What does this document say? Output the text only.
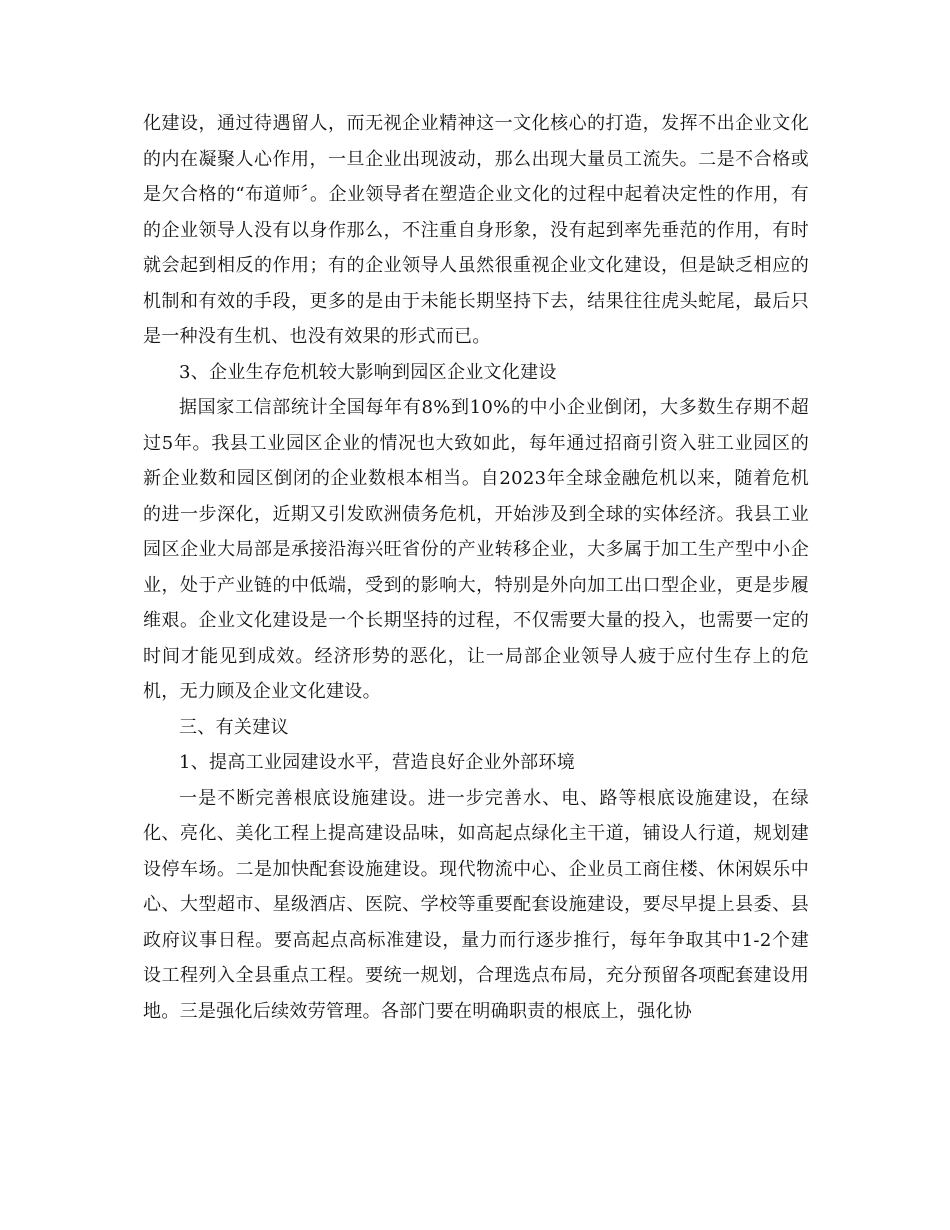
化建设，通过待遇留人，而无视企业精神这一文化核心的打造，发挥不出企业文化的内在凝聚人心作用，一旦企业出现波动，那么出现大量员工流失。二是不合格或是欠合格的“布道师〞。企业领导者在塑造企业文化的过程中起着决定性的作用，有的企业领导人没有以身作那么，不注重自身形象，没有起到率先垂范的作用，有时就会起到相反的作用；有的企业领导人虽然很重视企业文化建设，但是缺乏相应的机制和有效的手段，更多的是由于未能长期坚持下去，结果往往虎头蛇尾，最后只是一种没有生机、也没有效果的形式而已。

3、企业生存危机较大影响到园区企业文化建设

据国家工信部统计全国每年有8%到10%的中小企业倒闭，大多数生存期不超过5年。我县工业园区企业的情况也大致如此，每年通过招商引资入驻工业园区的新企业数和园区倒闭的企业数根本相当。自2023年全球金融危机以来，随着危机的进一步深化，近期又引发欧洲债务危机，开始涉及到全球的实体经济。我县工业园区企业大局部是承接沿海兴旺省份的产业转移企业，大多属于加工生产型中小企业，处于产业链的中低端，受到的影响大，特别是外向加工出口型企业，更是步履维艰。企业文化建设是一个长期坚持的过程，不仅需要大量的投入，也需要一定的时间才能见到成效。经济形势的恶化，让一局部企业领导人疲于应付生存上的危机，无力顾及企业文化建设。

三、有关建议

1、提高工业园建设水平，营造良好企业外部环境

一是不断完善根底设施建设。进一步完善水、电、路等根底设施建设，在绿化、亮化、美化工程上提高建设品味，如高起点绿化主干道，铺设人行道，规划建设停车场。二是加快配套设施建设。现代物流中心、企业员工商住楼、休闲娱乐中心、大型超市、星级酒店、医院、学校等重要配套设施建设，要尽早提上县委、县政府议事日程。要高起点高标准建设，量力而行逐步推行，每年争取其中1-2个建设工程列入全县重点工程。要统一规划，合理选点布局，充分预留各项配套建设用地。三是强化后续效劳管理。各部门要在明确职责的根底上，强化协
